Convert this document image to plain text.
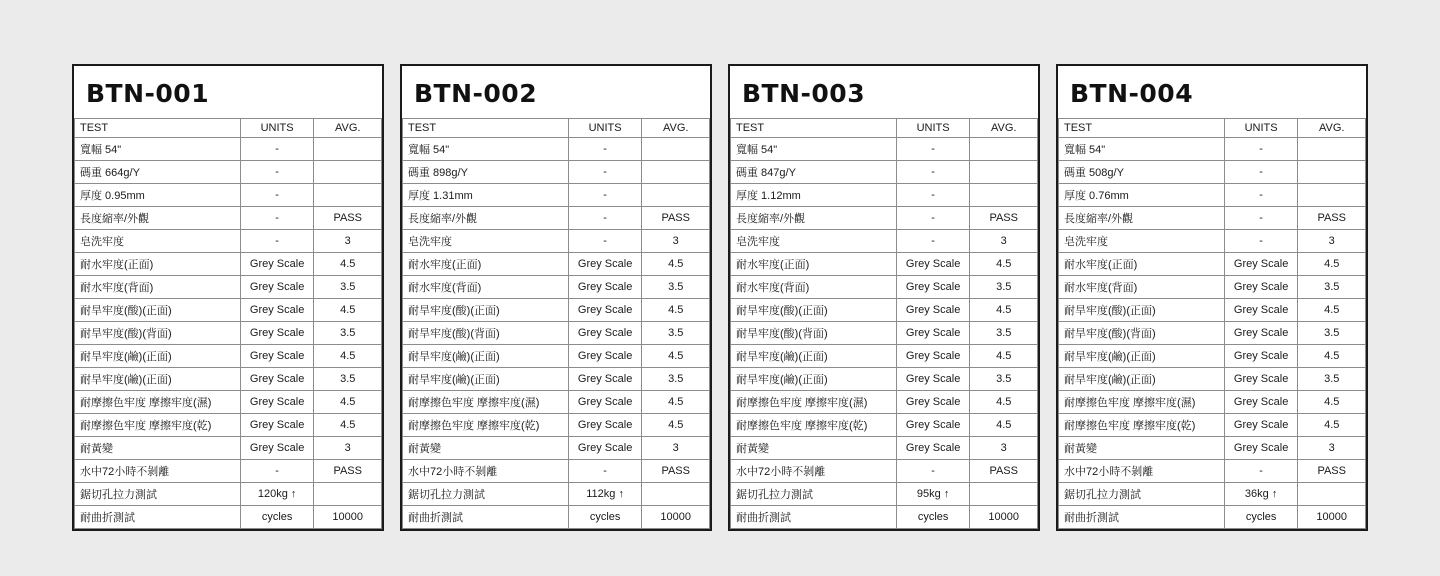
BTN-001
TEST	UNITS	AVG.
寬幅 54"	-	
碼重 664g/Y	-	
厚度 0.95mm	-	
長度縮率/外觀	-	PASS
皂洗牢度	-	3
耐水牢度(正面)	Grey Scale	4.5
耐水牢度(背面)	Grey Scale	3.5
耐旱牢度(酸)(正面)	Grey Scale	4.5
耐旱牢度(酸)(背面)	Grey Scale	3.5
耐旱牢度(鹼)(正面)	Grey Scale	4.5
耐旱牢度(鹼)(正面)	Grey Scale	3.5
耐摩擦色牢度 摩擦牢度(濕)	Grey Scale	4.5
耐摩擦色牢度 摩擦牢度(乾)	Grey Scale	4.5
耐黃變	Grey Scale	3
水中72小時不剝離	-	PASS
鋸切孔拉力測試	120kg ↑	
耐曲折測試	cycles	10000
BTN-002
TEST	UNITS	AVG.
寬幅 54"	-	
碼重 898g/Y	-	
厚度 1.31mm	-	
長度縮率/外觀	-	PASS
皂洗牢度	-	3
耐水牢度(正面)	Grey Scale	4.5
耐水牢度(背面)	Grey Scale	3.5
耐旱牢度(酸)(正面)	Grey Scale	4.5
耐旱牢度(酸)(背面)	Grey Scale	3.5
耐旱牢度(鹼)(正面)	Grey Scale	4.5
耐旱牢度(鹼)(正面)	Grey Scale	3.5
耐摩擦色牢度 摩擦牢度(濕)	Grey Scale	4.5
耐摩擦色牢度 摩擦牢度(乾)	Grey Scale	4.5
耐黃變	Grey Scale	3
水中72小時不剝離	-	PASS
鋸切孔拉力測試	112kg ↑	
耐曲折測試	cycles	10000
BTN-003
TEST	UNITS	AVG.
寬幅 54"	-	
碼重 847g/Y	-	
厚度 1.12mm	-	
長度縮率/外觀	-	PASS
皂洗牢度	-	3
耐水牢度(正面)	Grey Scale	4.5
耐水牢度(背面)	Grey Scale	3.5
耐旱牢度(酸)(正面)	Grey Scale	4.5
耐旱牢度(酸)(背面)	Grey Scale	3.5
耐旱牢度(鹼)(正面)	Grey Scale	4.5
耐旱牢度(鹼)(正面)	Grey Scale	3.5
耐摩擦色牢度 摩擦牢度(濕)	Grey Scale	4.5
耐摩擦色牢度 摩擦牢度(乾)	Grey Scale	4.5
耐黃變	Grey Scale	3
水中72小時不剝離	-	PASS
鋸切孔拉力測試	95kg ↑	
耐曲折測試	cycles	10000
BTN-004
TEST	UNITS	AVG.
寬幅 54"	-	
碼重 508g/Y	-	
厚度 0.76mm	-	
長度縮率/外觀	-	PASS
皂洗牢度	-	3
耐水牢度(正面)	Grey Scale	4.5
耐水牢度(背面)	Grey Scale	3.5
耐旱牢度(酸)(正面)	Grey Scale	4.5
耐旱牢度(酸)(背面)	Grey Scale	3.5
耐旱牢度(鹼)(正面)	Grey Scale	4.5
耐旱牢度(鹼)(正面)	Grey Scale	3.5
耐摩擦色牢度 摩擦牢度(濕)	Grey Scale	4.5
耐摩擦色牢度 摩擦牢度(乾)	Grey Scale	4.5
耐黃變	Grey Scale	3
水中72小時不剝離	-	PASS
鋸切孔拉力測試	36kg ↑	
耐曲折測試	cycles	10000
